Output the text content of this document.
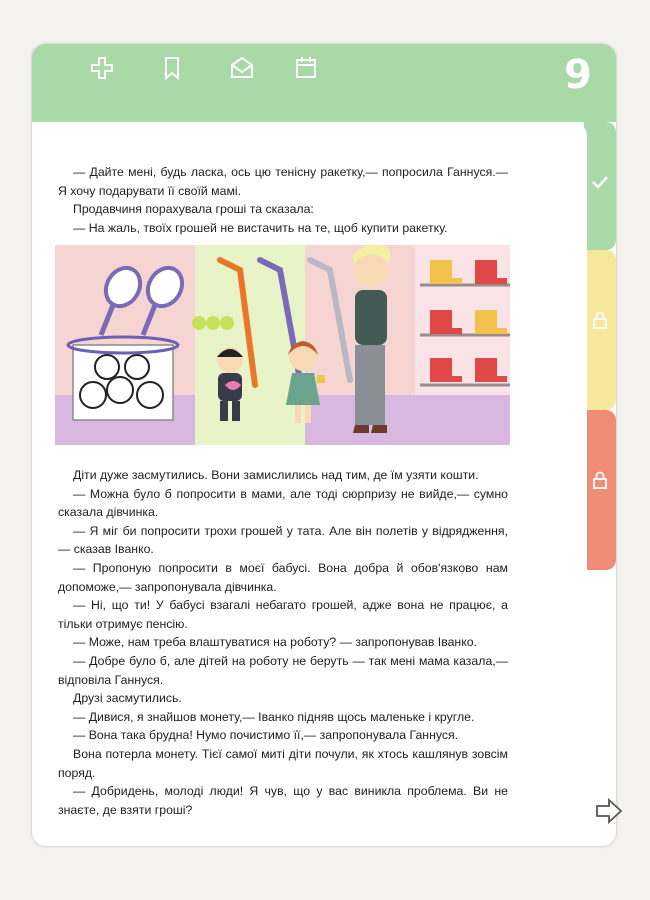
9

— Дайте мені, будь ласка, ось цю тенісну ракетку,— попросила Ганнуся.— Я хочу подарувати її своїй мамі.

Продавчиня порахувала гроші та сказала:

— На жаль, твоїх грошей не вистачить на те, щоб купити ракетку.

Діти дуже засмутились. Вони замислились над тим, де їм узяти кошти.

— Можна було б попросити в мами, але тоді сюрпризу не вийде,— сумно сказала дівчинка.

— Я міг би попросити трохи грошей у тата. Але він полетів у відрядження,— сказав Іванко.

— Пропоную попросити в моєї бабусі. Вона добра й обов'язково нам допоможе,— запропонувала дівчинка.

— Ні, що ти! У бабусі взагалі небагато грошей, адже вона не працює, а тільки отримує пенсію.

— Може, нам треба влаштуватися на роботу? — запропонував Іванко.

— Добре було б, але дітей на роботу не беруть — так мені мама казала,— відповіла Ганнуся.

Друзі засмутились.

— Дивися, я знайшов монету,— Іванко підняв щось маленьке і кругле.

— Вона така брудна! Нумо почистимо її,— запропонувала Ганнуся.

Вона потерла монету. Тієї самої миті діти почули, як хтось кашлянув зовсім поряд.

— Добридень, молоді люди! Я чув, що у вас виникла проблема. Ви не знаєте, де взяти гроші?
